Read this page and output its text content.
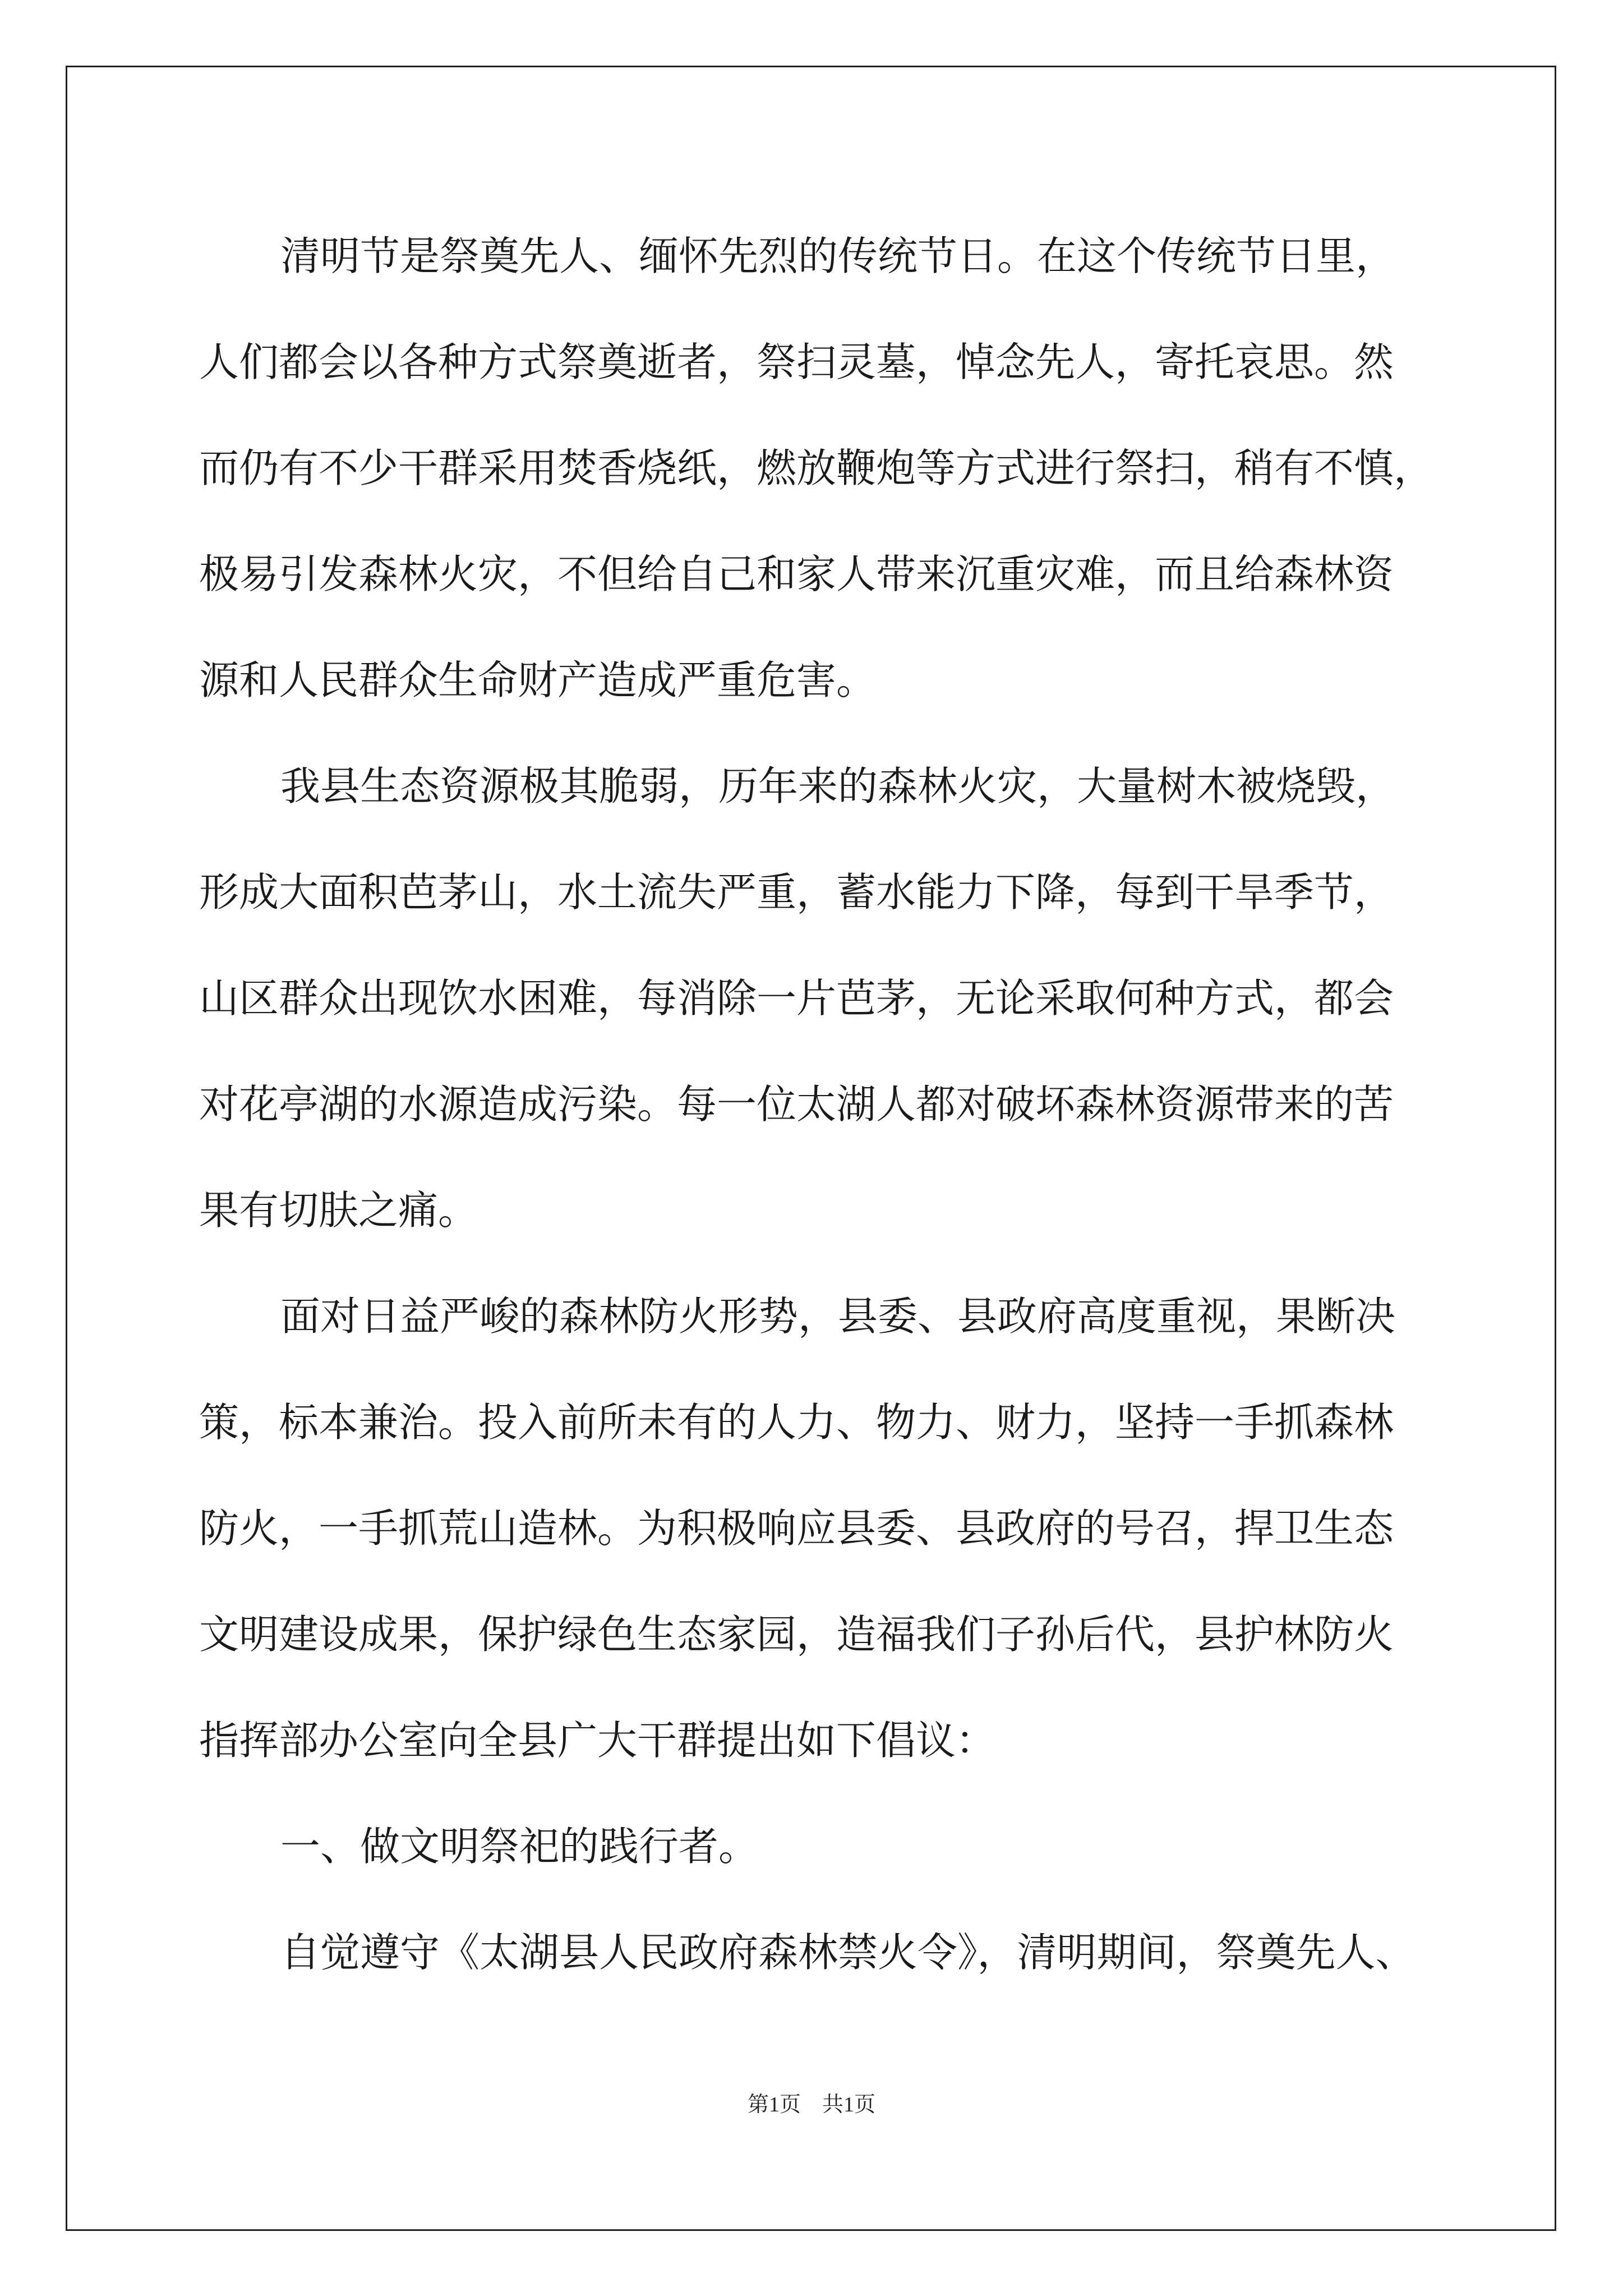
清明节是祭奠先人、缅怀先烈的传统节日。在这个传统节日里，
人们都会以各种方式祭奠逝者，祭扫灵墓，悼念先人，寄托哀思。然
而仍有不少干群采用焚香烧纸，燃放鞭炮等方式进行祭扫，稍有不慎，
极易引发森林火灾，不但给自己和家人带来沉重灾难，而且给森林资
源和人民群众生命财产造成严重危害。
我县生态资源极其脆弱，历年来的森林火灾，大量树木被烧毁，
形成大面积芭茅山，水土流失严重，蓄水能力下降，每到干旱季节，
山区群众出现饮水困难，每消除一片芭茅，无论采取何种方式，都会
对花亭湖的水源造成污染。每一位太湖人都对破坏森林资源带来的苦
果有切肤之痛。
面对日益严峻的森林防火形势，县委、县政府高度重视，果断决
策，标本兼治。投入前所未有的人力、物力、财力，坚持一手抓森林
防火，一手抓荒山造林。为积极响应县委、县政府的号召，捍卫生态
文明建设成果，保护绿色生态家园，造福我们子孙后代，县护林防火
指挥部办公室向全县广大干群提出如下倡议：
一、做文明祭祀的践行者。
自觉遵守《太湖县人民政府森林禁火令》，清明期间，祭奠先人、
第1页　共1页
